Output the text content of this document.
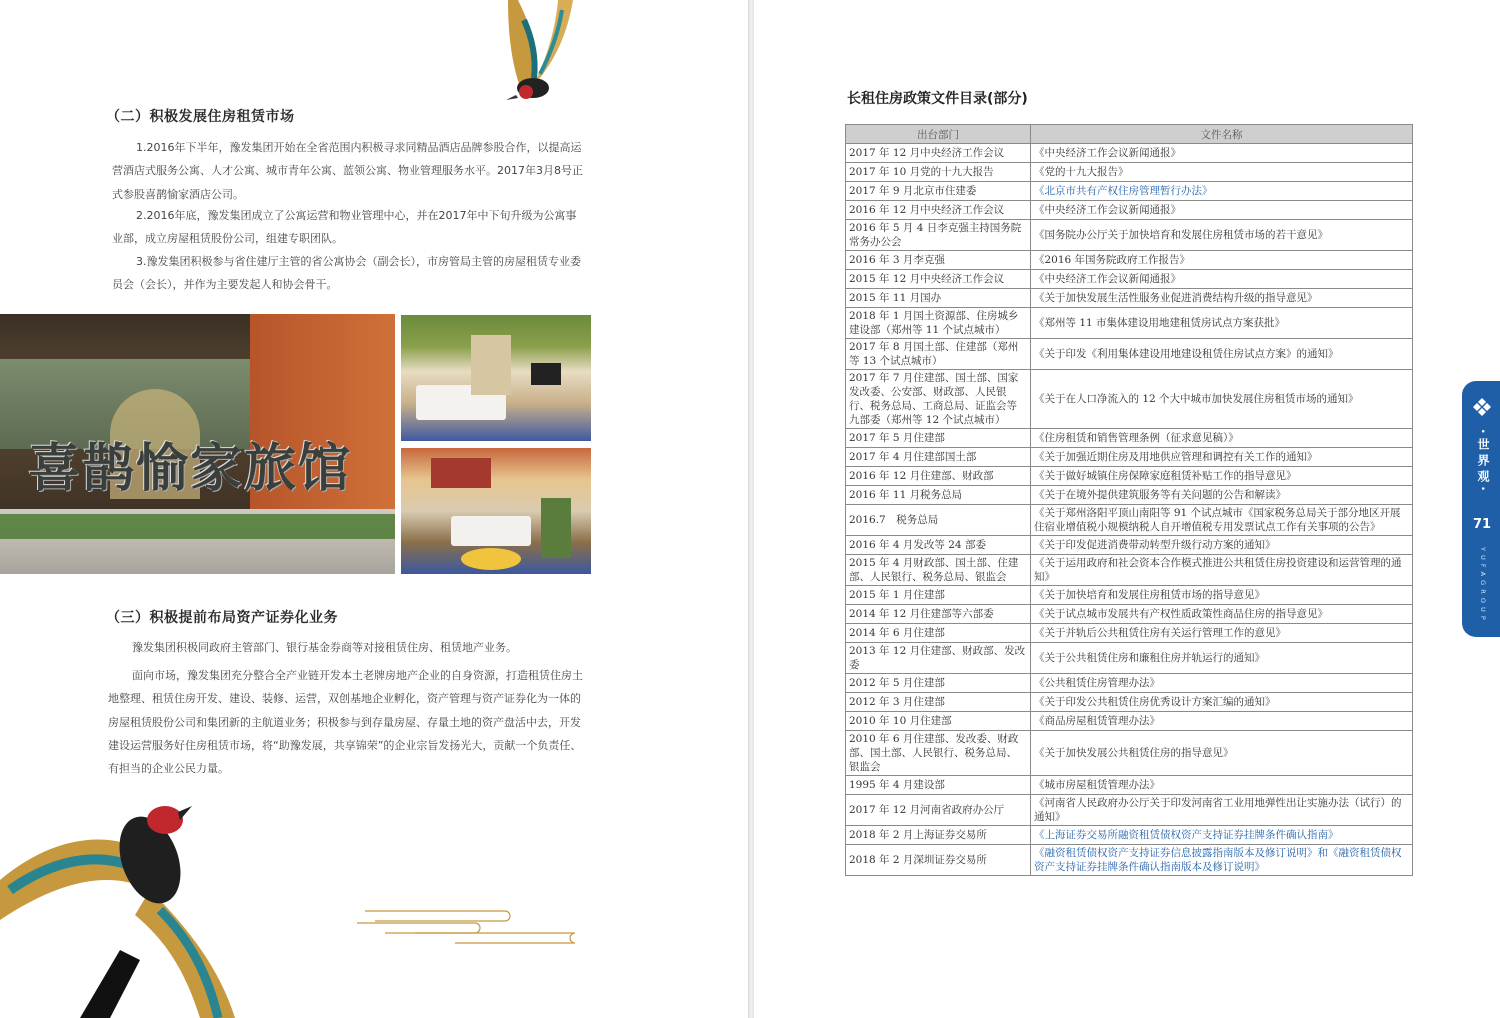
（二）积极发展住房租赁市场

1.2016年下半年，豫发集团开始在全省范围内积极寻求同精品酒店品牌参股合作，以提高运营酒店式服务公寓、人才公寓、城市青年公寓、蓝领公寓、物业管理服务水平。2017年3月8号正式参股喜鹊愉家酒店公司。

2.2016年底，豫发集团成立了公寓运营和物业管理中心，并在2017年中下旬升级为公寓事业部，成立房屋租赁股份公司，组建专职团队。

3.豫发集团积极参与省住建厅主管的省公寓协会（副会长），市房管局主管的房屋租赁专业委员会（会长），并作为主要发起人和协会骨干。

喜鹊愉家旅馆
（三）积极提前布局资产证券化业务

豫发集团积极同政府主管部门、银行基金券商等对接租赁住房、租赁地产业务。

面向市场，豫发集团充分整合全产业链开发本土老牌房地产企业的自身资源，打造租赁住房土地整理、租赁住房开发、建设、装修、运营，双创基地企业孵化，资产管理与资产证券化为一体的房屋租赁股份公司和集团新的主航道业务；积极参与到存量房屋、存量土地的资产盘活中去，开发建设运营服务好住房租赁市场，将“助豫发展，共享锦荣”的企业宗旨发扬光大，贡献一个负责任、有担当的企业公民力量。

长租住房政策文件目录(部分)
出台部门	文件名称
2017 年 12 月中央经济工作会议	《中央经济工作会议新闻通报》
2017 年 10 月党的十九大报告	《党的十九大报告》
2017 年 9 月北京市住建委	《北京市共有产权住房管理暂行办法》
2016 年 12 月中央经济工作会议	《中央经济工作会议新闻通报》
2016 年 5 月 4 日李克强主持国务院常务办公会	《国务院办公厅关于加快培育和发展住房租赁市场的若干意见》
2016 年 3 月李克强	《2016 年国务院政府工作报告》
2015 年 12 月中央经济工作会议	《中央经济工作会议新闻通报》
2015 年 11 月国办	《关于加快发展生活性服务业促进消费结构升级的指导意见》
2018 年 1 月国土资源部、住房城乡建设部（郑州等 11 个试点城市）	《郑州等 11 市集体建设用地建租赁房试点方案获批》
2017 年 8 月国土部、住建部（郑州等 13 个试点城市）	《关于印发《利用集体建设用地建设租赁住房试点方案》的通知》
2017 年 7 月住建部、国土部、国家发改委、公安部、财政部、人民银行、税务总局、工商总局、证监会等九部委（郑州等 12 个试点城市）	《关于在人口净流入的 12 个大中城市加快发展住房租赁市场的通知》
2017 年 5 月住建部	《住房租赁和销售管理条例（征求意见稿）》
2017 年 4 月住建部国土部	《关于加强近期住房及用地供应管理和调控有关工作的通知》
2016 年 12 月住建部、财政部	《关于做好城镇住房保障家庭租赁补贴工作的指导意见》
2016 年 11 月税务总局	《关于在境外提供建筑服务等有关问题的公告和解读》
2016.7　税务总局	《关于郑州洛阳平顶山南阳等 91 个试点城市《国家税务总局关于部分地区开展住宿业增值税小规模纳税人自开增值税专用发票试点工作有关事项的公告》
2016 年 4 月发改等 24 部委	《关于印发促进消费带动转型升级行动方案的通知》
2015 年 4 月财政部、国土部、住建部、人民银行、税务总局、银监会	《关于运用政府和社会资本合作模式推进公共租赁住房投资建设和运营管理的通知》
2015 年 1 月住建部	《关于加快培育和发展住房租赁市场的指导意见》
2014 年 12 月住建部等六部委	《关于试点城市发展共有产权性质政策性商品住房的指导意见》
2014 年 6 月住建部	《关于并轨后公共租赁住房有关运行管理工作的意见》
2013 年 12 月住建部、财政部、发改委	《关于公共租赁住房和廉租住房并轨运行的通知》
2012 年 5 月住建部	《公共租赁住房管理办法》
2012 年 3 月住建部	《关于印发公共租赁住房优秀设计方案汇编的通知》
2010 年 10 月住建部	《商品房屋租赁管理办法》
2010 年 6 月住建部、发改委、财政部、国土部、人民银行、税务总局、银监会	《关于加快发展公共租赁住房的指导意见》
1995 年 4 月建设部	《城市房屋租赁管理办法》
2017 年 12 月河南省政府办公厅	《河南省人民政府办公厅关于印发河南省工业用地弹性出让实施办法（试行）的通知》
2018 年 2 月上海证券交易所	《上海证券交易所融资租赁债权资产支持证券挂牌条件确认指南》
2018 年 2 月深圳证券交易所	《融资租赁债权资产支持证券信息披露指南版本及修订说明》和《融资租赁债权资产支持证券挂牌条件确认指南版本及修订说明》
· 世 界 观 ·
71
Y U F A G R O U P
